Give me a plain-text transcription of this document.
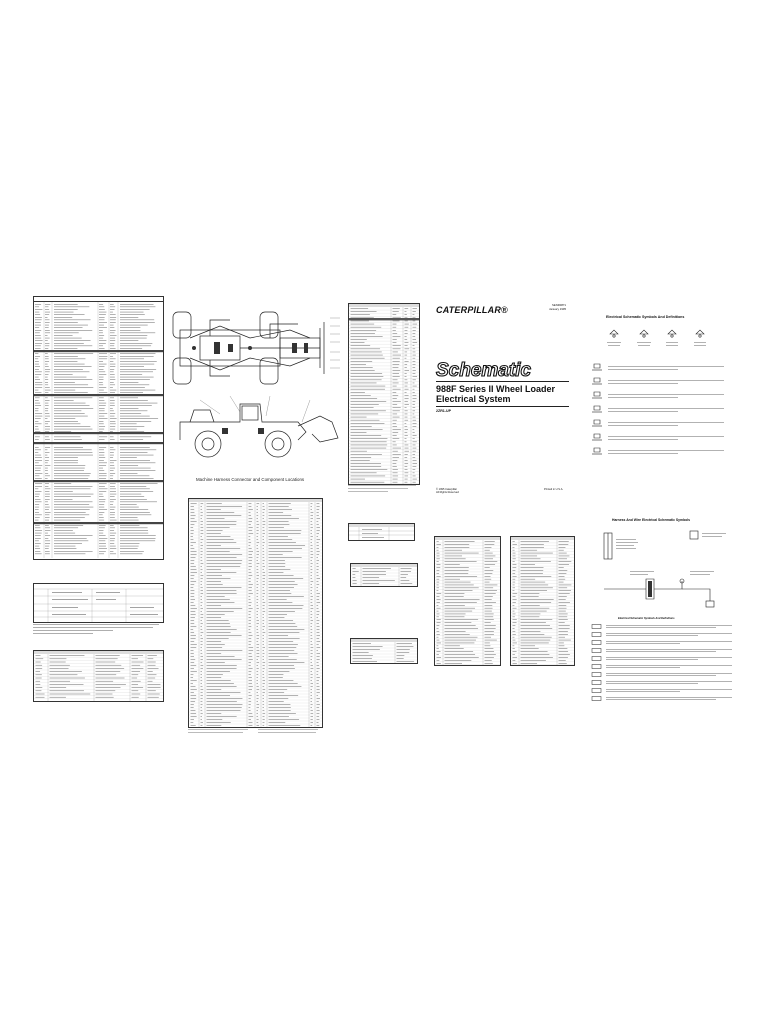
Machine Harness Connector and Component Locations
CATERPILLAR®	SENR0871
January 1995
Schematic
988F Series II Wheel Loader
Electrical System
2ZR1-UP
© 1995 Caterpillar
All Rights Reserved
Printed in U.S.A.
Electrical Schematic Symbols And Definitions
Harness And Wire Electrical Schematic Symbols
Electrical Schematic Symbols And Definitions
